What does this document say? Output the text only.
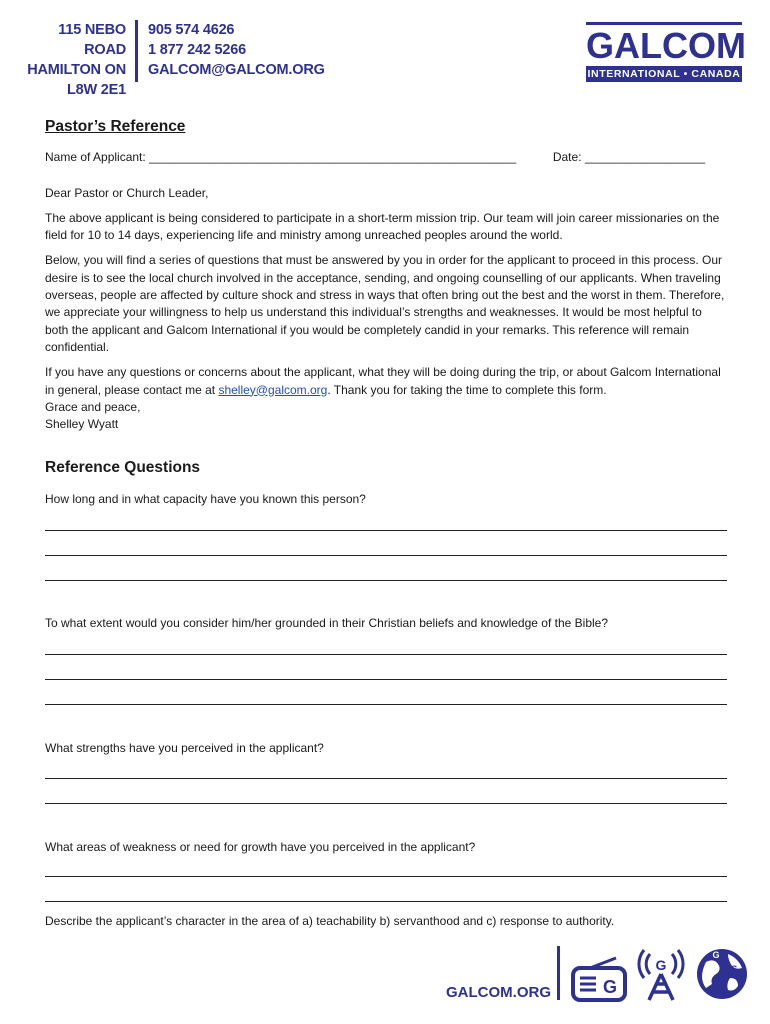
115 NEBO ROAD
HAMILTON ON
L8W 2E1
905 574 4626
1 877 242 5266
GALCOM@GALCOM.ORG
GALCOM
INTERNATIONAL • CANADA
Pastor’s Reference
Name of Applicant: _______________________________________________________	Date: __________________

Dear Pastor or Church Leader,

The above applicant is being considered to participate in a short-term mission trip. Our team will join career missionaries on the field for 10 to 14 days, experiencing life and ministry among unreached peoples around the world.

Below, you will find a series of questions that must be answered by you in order for the applicant to proceed in this process. Our desire is to see the local church involved in the acceptance, sending, and ongoing counselling of our applicants. When traveling overseas, people are affected by culture shock and stress in ways that often bring out the best and the worst in them. Therefore, we appreciate your willingness to help us understand this individual’s strengths and weaknesses. It would be most helpful to both the applicant and Galcom International if you would be completely candid in your remarks. This reference will remain confidential.

If you have any questions or concerns about the applicant, what they will be doing during the trip, or about Galcom International in general, please contact me at shelley@galcom.org. Thank you for taking the time to complete this form.

Grace and peace,
Shelley Wyatt
Reference Questions
How long and in what capacity have you known this person?
To what extent would you consider him/her grounded in their Christian beliefs and knowledge of the Bible?
What strengths have you perceived in the applicant?
What areas of weakness or need for growth have you perceived in the applicant?
Describe the applicant’s character in the area of a) teachability b) servanthood and c) response to authority.
GALCOM.ORG	G
G
G
G
G
